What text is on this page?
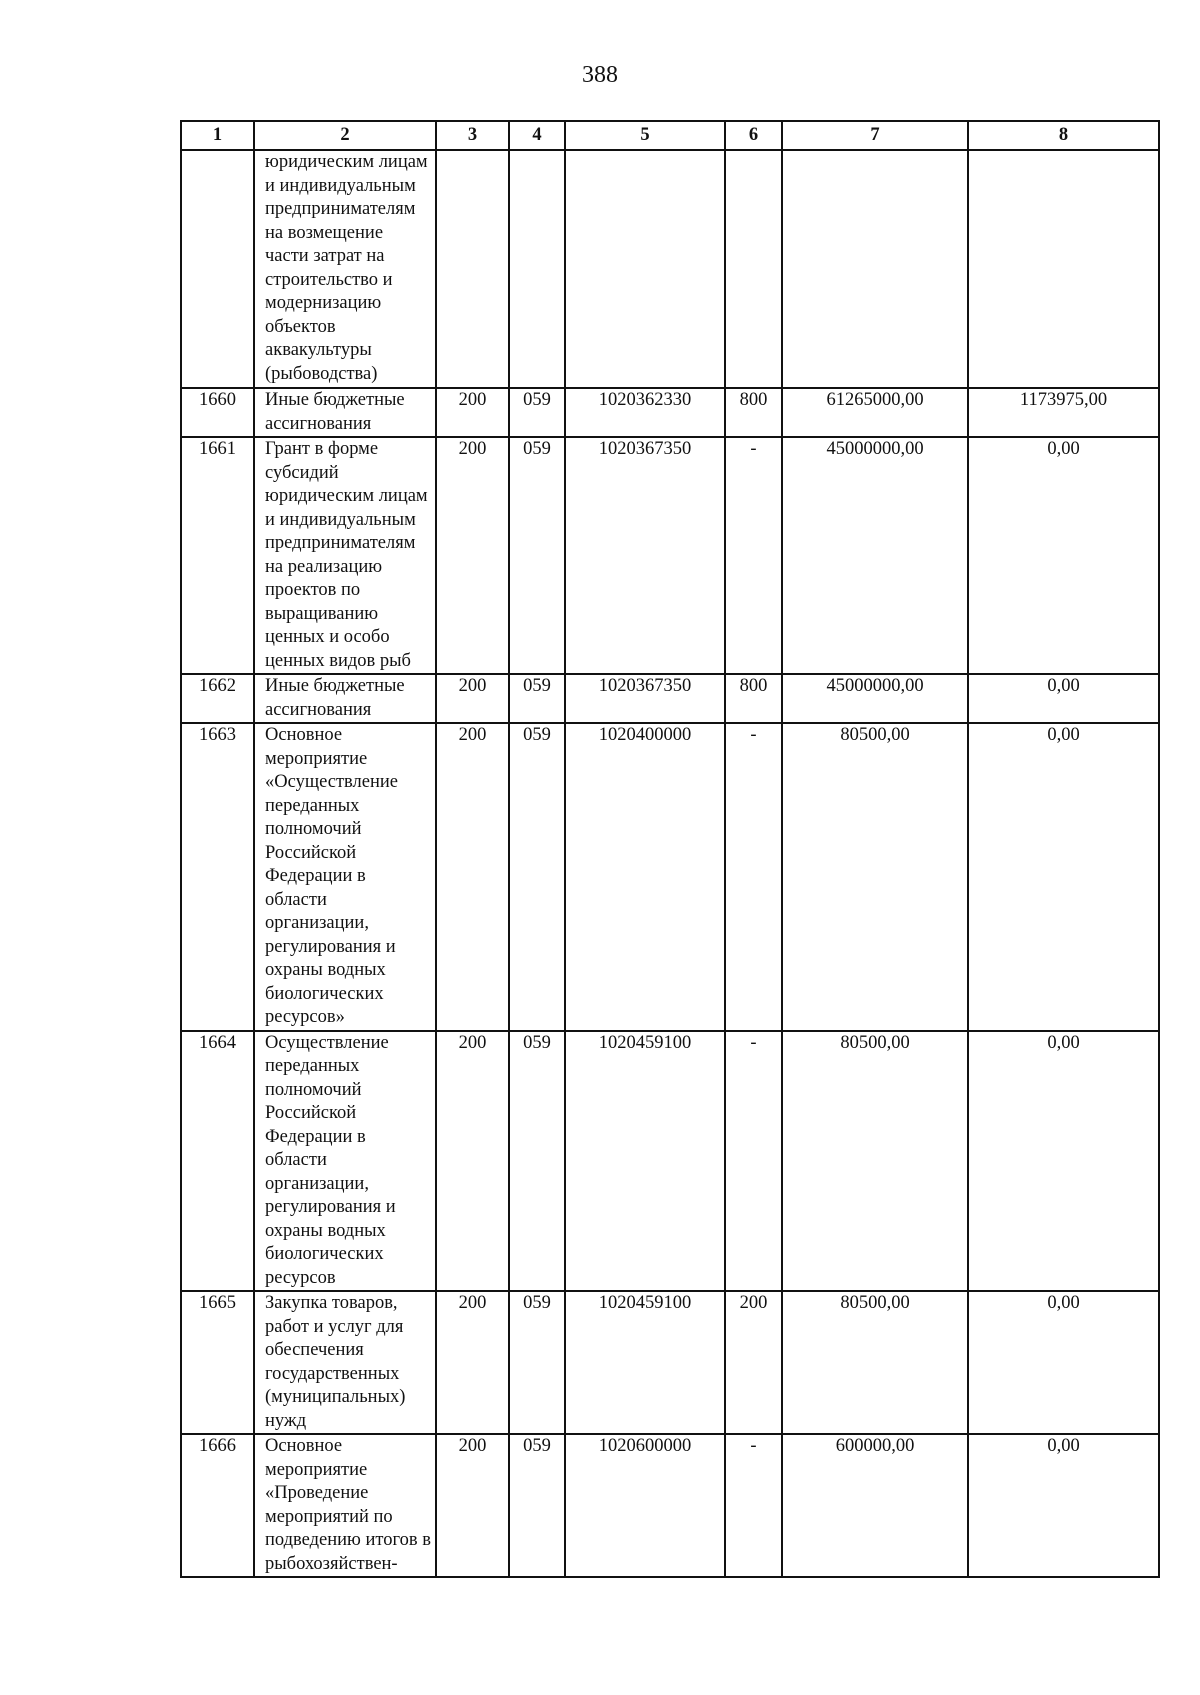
388
1	2	3	4	5	6	7	8
	юридическим лицам и индивидуальным предпринимателям на возмещение части затрат на строительство и модернизацию объектов аквакультуры (рыбоводства)						
1660	Иные бюджетные ассигнования	200	059	1020362330	800	61265000,00	1173975,00
1661	Грант в форме субсидий юридическим лицам и индивидуальным предпринимателям на реализацию проектов по выращиванию ценных и особо ценных видов рыб	200	059	1020367350	-	45000000,00	0,00
1662	Иные бюджетные ассигнования	200	059	1020367350	800	45000000,00	0,00
1663	Основное мероприятие «Осуществление переданных полномочий Российской Федерации в области организации, регулирования и охраны водных биологических ресурсов»	200	059	1020400000	-	80500,00	0,00
1664	Осуществление переданных полномочий Российской Федерации в области организации, регулирования и охраны водных биологических ресурсов	200	059	1020459100	-	80500,00	0,00
1665	Закупка товаров, работ и услуг для обеспечения государственных (муниципальных) нужд	200	059	1020459100	200	80500,00	0,00
1666	Основное мероприятие «Проведение мероприятий по подведению итогов в рыбохозяйствен-	200	059	1020600000	-	600000,00	0,00
